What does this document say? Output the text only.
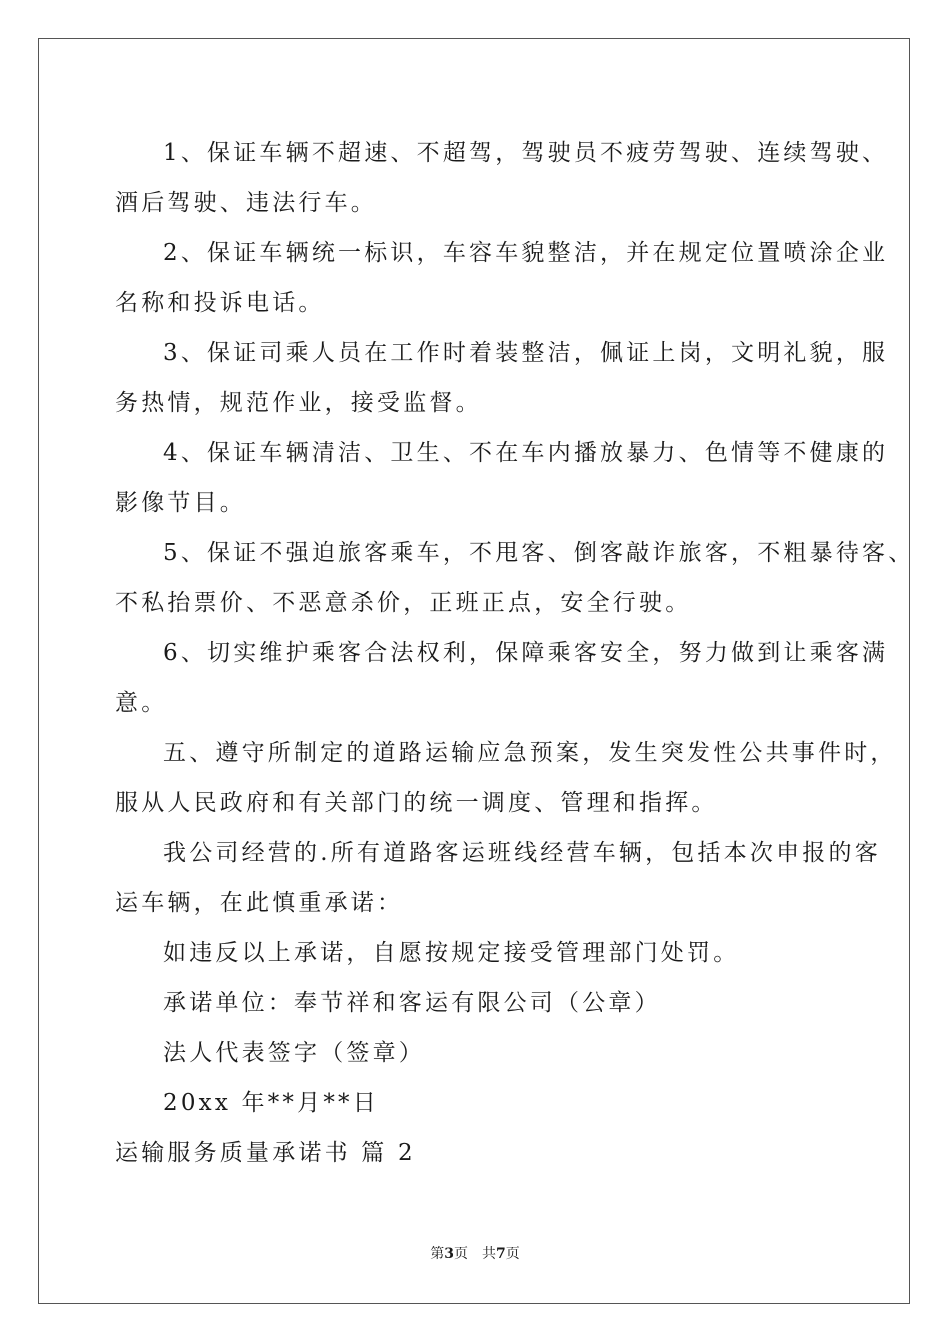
1、保证车辆不超速、不超驾，驾驶员不疲劳驾驶、连续驾驶、
酒后驾驶、违法行车。
2、保证车辆统一标识，车容车貌整洁，并在规定位置喷涂企业
名称和投诉电话。
3、保证司乘人员在工作时着装整洁，佩证上岗，文明礼貌，服
务热情，规范作业，接受监督。
4、保证车辆清洁、卫生、不在车内播放暴力、色情等不健康的
影像节目。
5、保证不强迫旅客乘车，不甩客、倒客敲诈旅客，不粗暴待客、
不私抬票价、不恶意杀价，正班正点，安全行驶。
6、切实维护乘客合法权利，保障乘客安全，努力做到让乘客满
意。
五、遵守所制定的道路运输应急预案，发生突发性公共事件时，
服从人民政府和有关部门的统一调度、管理和指挥。
我公司经营的.所有道路客运班线经营车辆，包括本次申报的客
运车辆，在此慎重承诺：
如违反以上承诺，自愿按规定接受管理部门处罚。
承诺单位：奉节祥和客运有限公司（公章）
法人代表签字（签章）
20xx 年**月**日
运输服务质量承诺书 篇 2
第3页　共7页
